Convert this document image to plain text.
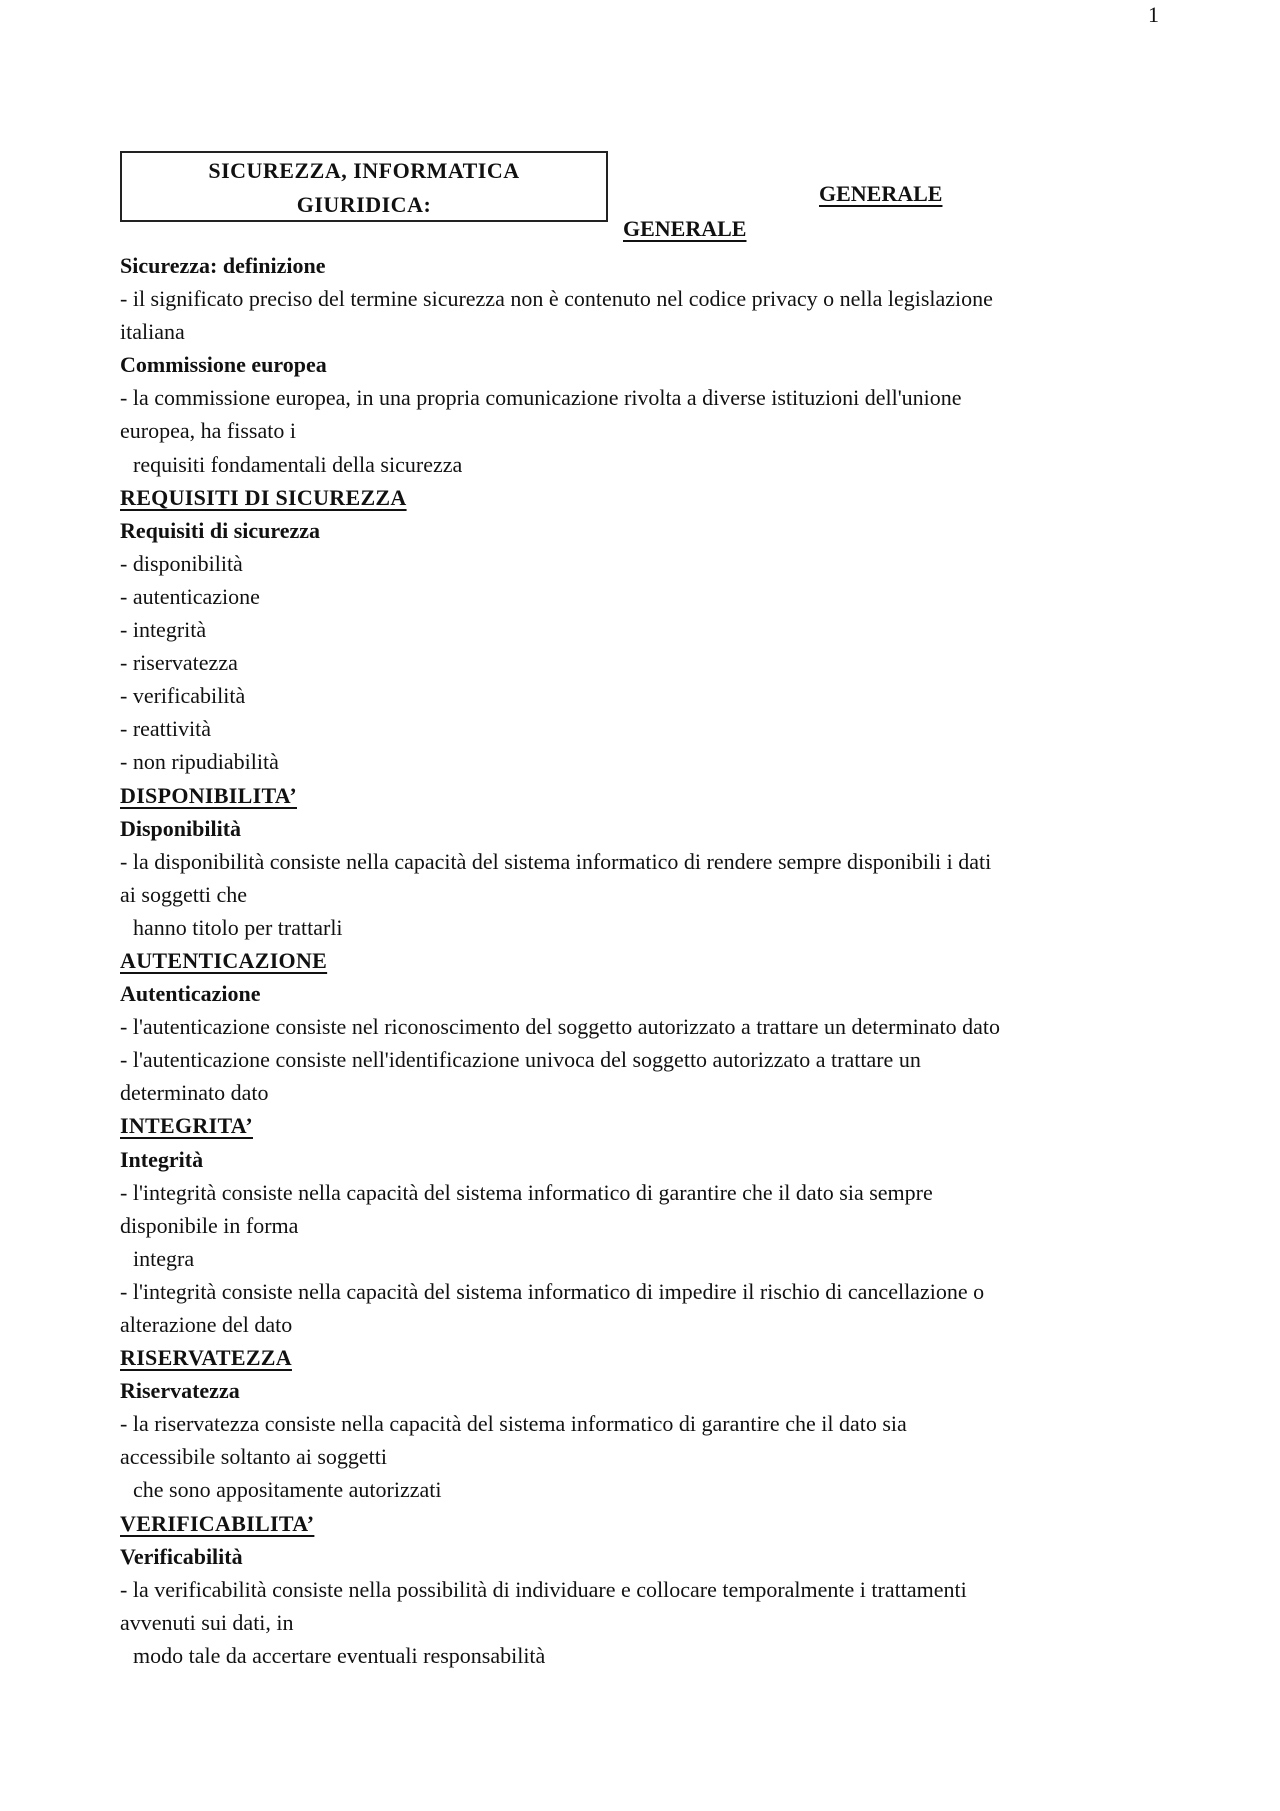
1
SICUREZZA, INFORMATICA
GIURIDICA:	GENERALE
GENERALE
Sicurezza: definizione
- il significato preciso del termine sicurezza non è contenuto nel codice privacy o nella legislazione
italiana
Commissione europea
- la commissione europea, in una propria comunicazione rivolta a diverse istituzioni dell'unione
europea, ha fissato i
requisiti fondamentali della sicurezza
REQUISITI DI SICUREZZA
Requisiti di sicurezza
- disponibilità
- autenticazione
- integrità
- riservatezza
- verificabilità
- reattività
- non ripudiabilità
DISPONIBILITA’
Disponibilità
- la disponibilità consiste nella capacità del sistema informatico di rendere sempre disponibili i dati
ai soggetti che
hanno titolo per trattarli
AUTENTICAZIONE
Autenticazione
- l'autenticazione consiste nel riconoscimento del soggetto autorizzato a trattare un determinato dato
- l'autenticazione consiste nell'identificazione univoca del soggetto autorizzato a trattare un
determinato dato
INTEGRITA’
Integrità
- l'integrità consiste nella capacità del sistema informatico di garantire che il dato sia sempre
disponibile in forma
integra
- l'integrità consiste nella capacità del sistema informatico di impedire il rischio di cancellazione o
alterazione del dato
RISERVATEZZA
Riservatezza
- la riservatezza consiste nella capacità del sistema informatico di garantire che il dato sia
accessibile soltanto ai soggetti
che sono appositamente autorizzati
VERIFICABILITA’
Verificabilità
- la verificabilità consiste nella possibilità di individuare e collocare temporalmente i trattamenti
avvenuti sui dati, in
modo tale da accertare eventuali responsabilità
